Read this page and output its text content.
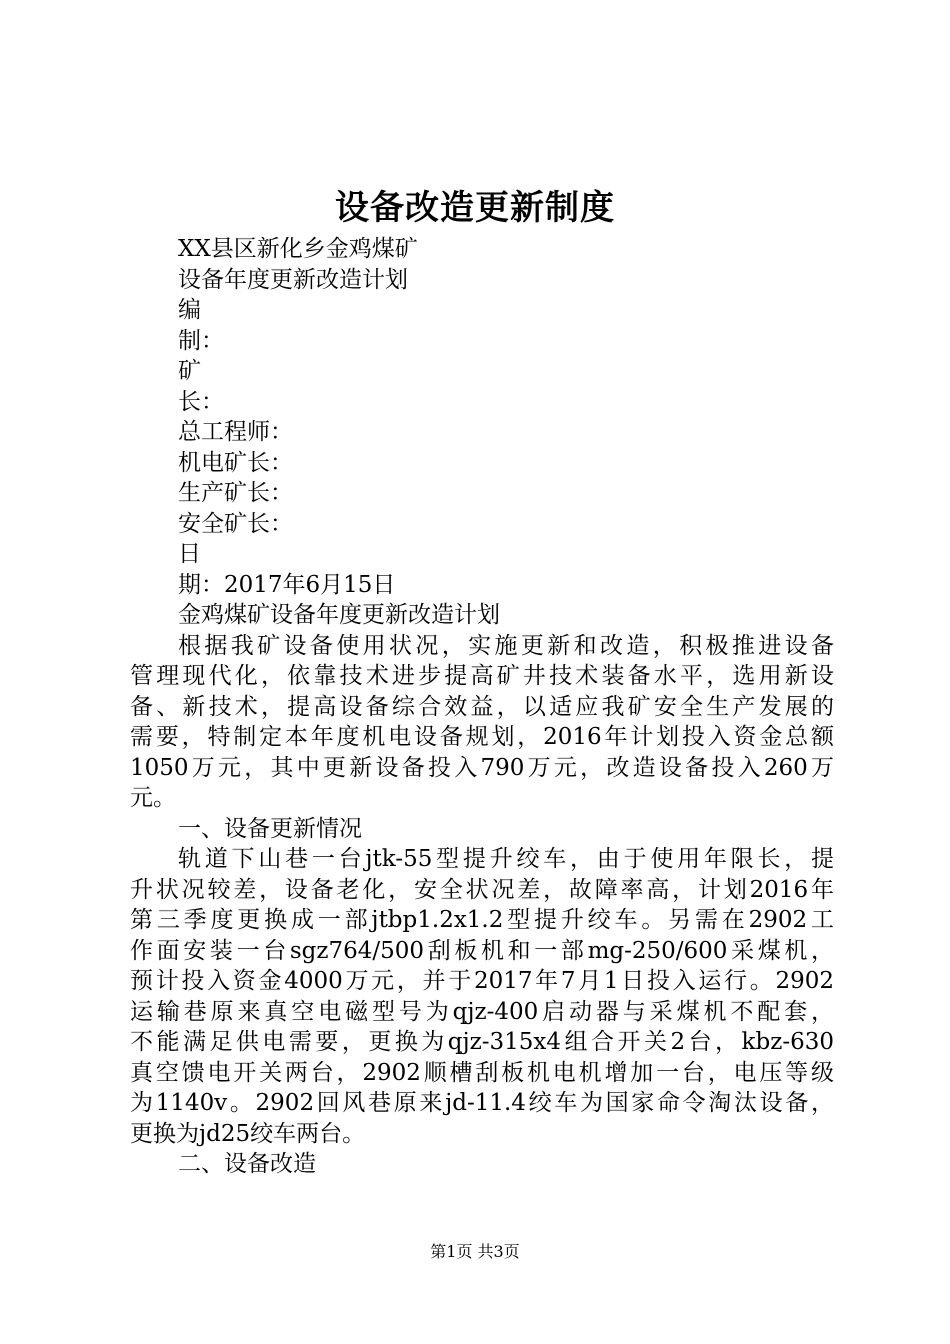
设备改造更新制度
XX县区新化乡金鸡煤矿
设备年度更新改造计划
编
制：
矿
长：
总工程师：
机电矿长：
生产矿长：
安全矿长：
日
期：2017年6月15日
金鸡煤矿设备年度更新改造计划
根据我矿设备使用状况，实施更新和改造，积极推进设备
管理现代化，依靠技术进步提高矿井技术装备水平，选用新设
备、新技术，提高设备综合效益，以适应我矿安全生产发展的
需要，特制定本年度机电设备规划，2016年计划投入资金总额
1050万元，其中更新设备投入790万元，改造设备投入260万
元。
一、设备更新情况
轨道下山巷一台jtk-55型提升绞车，由于使用年限长，提
升状况较差，设备老化，安全状况差，故障率高，计划2016年
第三季度更换成一部jtbp1.2x1.2型提升绞车。另需在2902工
作面安装一台sgz764/500刮板机和一部mg-250/600采煤机，
预计投入资金4000万元，并于2017年7月1日投入运行。2902
运输巷原来真空电磁型号为qjz-400启动器与采煤机不配套，
不能满足供电需要，更换为qjz-315x4组合开关2台，kbz-630
真空馈电开关两台，2902顺槽刮板机电机增加一台，电压等级
为1140v。2902回风巷原来jd-11.4绞车为国家命令淘汰设备，
更换为jd25绞车两台。
二、设备改造
第1页 共3页
